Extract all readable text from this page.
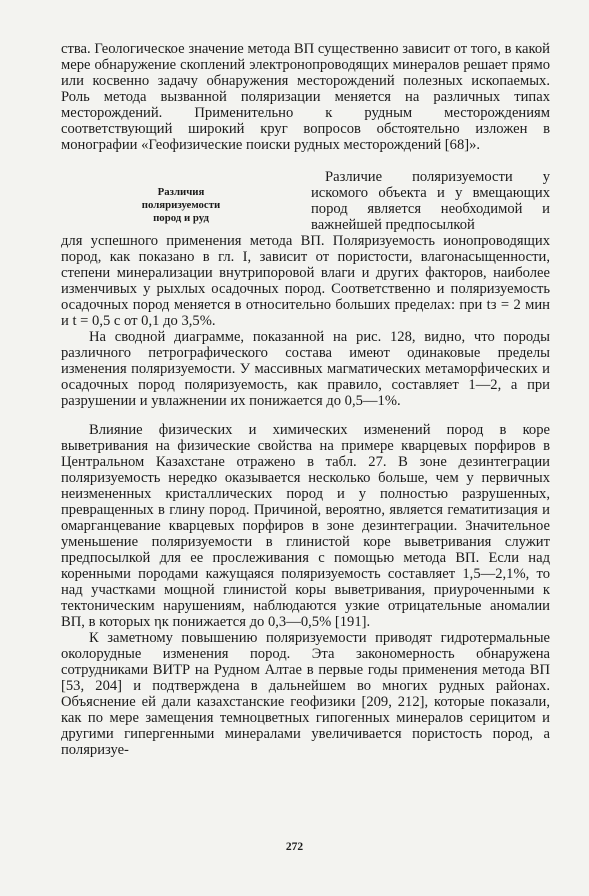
ства. Геологическое значение метода ВП существенно зависит от того, в какой мере обнаружение скоплений электронопроводящих минералов решает прямо или косвенно задачу обнаружения месторождений полезных ископаемых. Роль метода вызванной поляризации меняется на различных типах месторождений. Применительно к рудным месторождениям соответствующий широкий круг вопросов обстоятельно изложен в монографии «Геофизические поиски рудных месторождений [68]».

Различия
поляризуемости
пород и руд

Различие поляризуемости у искомого объекта и у вмещающих пород является необходимой и важнейшей предпосылкой

для успешного применения метода ВП. Поляризуемость ионопроводящих пород, как показано в гл. I, зависит от пористости, влагонасыщенности, степени минерализации внутрипоровой влаги и других факторов, наиболее изменчивых у рыхлых осадочных пород. Соответственно и поляризуемость осадочных пород меняется в относительно больших пределах: при tз = 2 мин и t = 0,5 с от 0,1 до 3,5%.

На сводной диаграмме, показанной на рис. 128, видно, что породы различного петрографического состава имеют одинаковые пределы изменения поляризуемости. У массивных магматических метаморфических и осадочных пород поляризуемость, как правило, составляет 1—2, а при разрушении и увлажнении их понижается до 0,5—1%.

Влияние физических и химических изменений пород в коре выветривания на физические свойства на примере кварцевых порфиров в Центральном Казахстане отражено в табл. 27. В зоне дезинтеграции поляризуемость нередко оказывается несколько больше, чем у первичных неизмененных кристаллических пород и у полностью разрушенных, превращенных в глину пород. Причиной, вероятно, является гематитизация и омарганцевание кварцевых порфиров в зоне дезинтеграции. Значительное уменьшение поляризуемости в глинистой коре выветривания служит предпосылкой для ее прослеживания с помощью метода ВП. Если над коренными породами кажущаяся поляризуемость составляет 1,5—2,1%, то над участками мощной глинистой коры выветривания, приуроченными к тектоническим нарушениям, наблюдаются узкие отрицательные аномалии ВП, в которых ηк понижается до 0,3—0,5% [191].

К заметному повышению поляризуемости приводят гидротермальные околорудные изменения пород. Эта закономерность обнаружена сотрудниками ВИТР на Рудном Алтае в первые годы применения метода ВП [53, 204] и подтверждена в дальнейшем во многих рудных районах. Объяснение ей дали казахстанские геофизики [209, 212], которые показали, как по мере замещения темноцветных гипогенных минералов серицитом и другими гипергенными минералами увеличивается пористость пород, а поляризуе-

272
